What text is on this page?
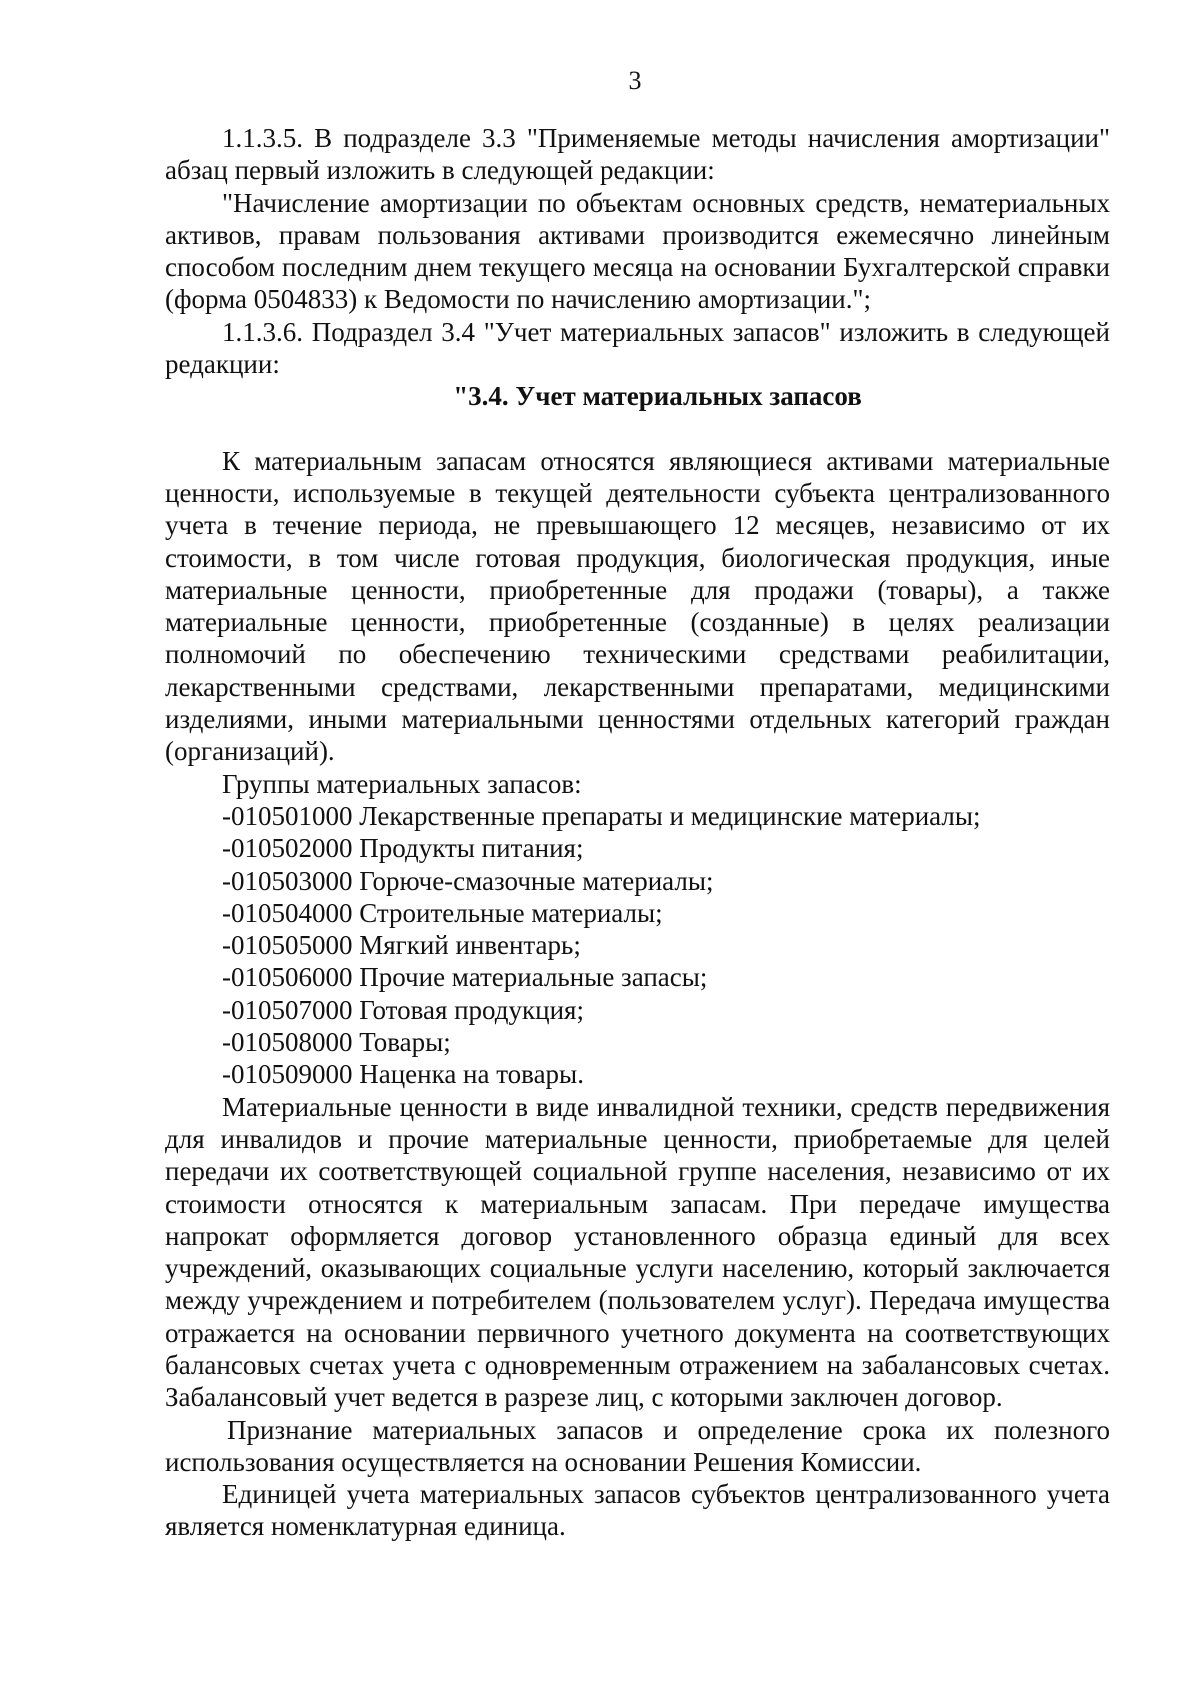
3

1.1.3.5. В подразделе 3.3 "Применяемые методы начисления амортизации" абзац первый изложить в следующей редакции:

"Начисление амортизации по объектам основных средств, нематериальных активов, правам пользования активами производится ежемесячно линейным способом последним днем текущего месяца на основании Бухгалтерской справки (форма 0504833) к Ведомости по начислению амортизации.";

1.1.3.6. Подраздел 3.4 "Учет материальных запасов" изложить в следующей редакции:

"3.4. Учет материальных запасов

К материальным запасам относятся являющиеся активами материальные ценности, используемые в текущей деятельности субъекта централизованного учета в течение периода, не превышающего 12 месяцев, независимо от их стоимости, в том числе готовая продукция, биологическая продукция, иные материальные ценности, приобретенные для продажи (товары), а также материальные ценности, приобретенные (созданные) в целях реализации полномочий по обеспечению техническими средствами реабилитации, лекарственными средствами, лекарственными препаратами, медицинскими изделиями, иными материальными ценностями отдельных категорий граждан (организаций).

Группы материальных запасов:

-010501000 Лекарственные препараты и медицинские материалы;

-010502000 Продукты питания;

-010503000 Горюче-смазочные материалы;

-010504000 Строительные материалы;

-010505000 Мягкий инвентарь;

-010506000 Прочие материальные запасы;

-010507000 Готовая продукция;

-010508000 Товары;

-010509000 Наценка на товары.

Материальные ценности в виде инвалидной техники, средств передвижения для инвалидов и прочие материальные ценности, приобретаемые для целей передачи их соответствующей социальной группе населения, независимо от их стоимости относятся к материальным запасам. При передаче имущества напрокат оформляется договор установленного образца единый для всех учреждений, оказывающих социальные услуги населению, который заключается между учреждением и потребителем (пользователем услуг). Передача имущества отражается на основании первичного учетного документа на соответствующих балансовых счетах учета с одновременным отражением на забалансовых счетах. Забалансовый учет ведется в разрезе лиц, с которыми заключен договор.

Признание материальных запасов и определение срока их полезного использования осуществляется на основании Решения Комиссии.

Единицей учета материальных запасов субъектов централизованного учета является номенклатурная единица.
